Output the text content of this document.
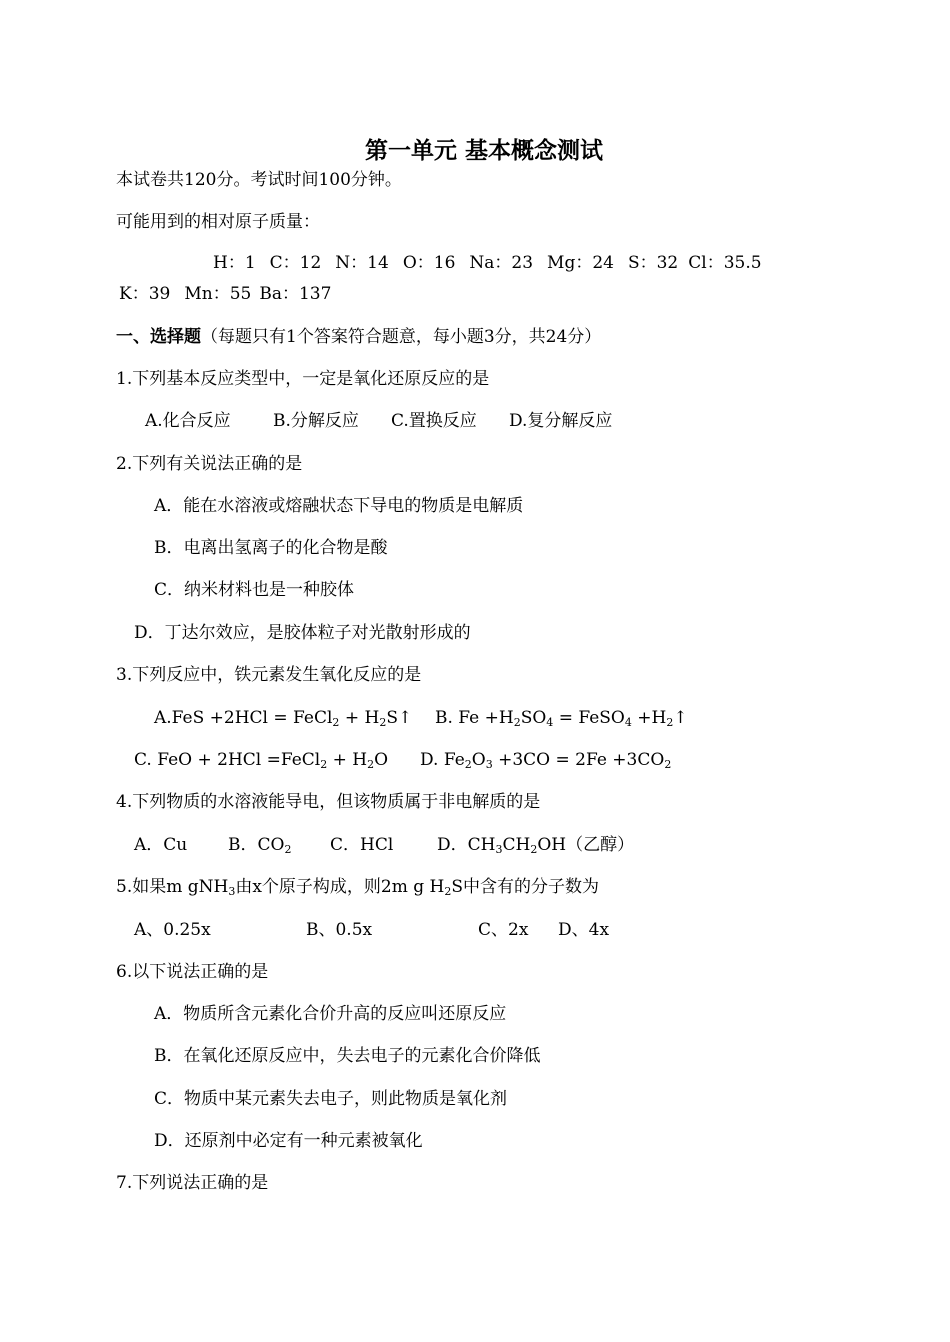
第一单元 基本概念测试
本试卷共120分。考试时间100分钟。
可能用到的相对原子质量：
H：1 C：12 N：14 O：16 Na：23 Mg：24 S：32 Cl：35.5
K：39 Mn：55 Ba：137
一、选择题（每题只有1个答案符合题意，每小题3分，共24分）
1.下列基本反应类型中，一定是氧化还原反应的是
A.化合反应 B.分解反应 C.置换反应 D.复分解反应
2.下列有关说法正确的是
A．能在水溶液或熔融状态下导电的物质是电解质
B．电离出氢离子的化合物是酸
C．纳米材料也是一种胶体
D．丁达尔效应，是胶体粒子对光散射形成的
3.下列反应中，铁元素发生氧化反应的是
A.FeS +2HCl = FeCl$_2$ + $H_2S↑$ B. $Fe +H_2SO_4$ = FeSO$_4$ $+H_2↑$
C. FeO + 2HCl =FeCl$_2$ + $H_2O$ D. $Fe_2O_3 +3CO = 2Fe +3CO_2$
4.下列物质的水溶液能导电，但该物质属于非电解质的是
A．Cu B．$CO_2$ C．HCl	D．$CH_3CH_2OH$（乙醇）
5.如果m gNH$_3$由x个原子构成，则2m g $H_2S$中含有的分子数为
A、0.25x	B、0.5x	C、2x D、4x
6.以下说法正确的是
A．物质所含元素化合价升高的反应叫还原反应
B．在氧化还原反应中，失去电子的元素化合价降低
C．物质中某元素失去电子，则此物质是氧化剂
D．还原剂中必定有一种元素被氧化
7.下列说法正确的是
